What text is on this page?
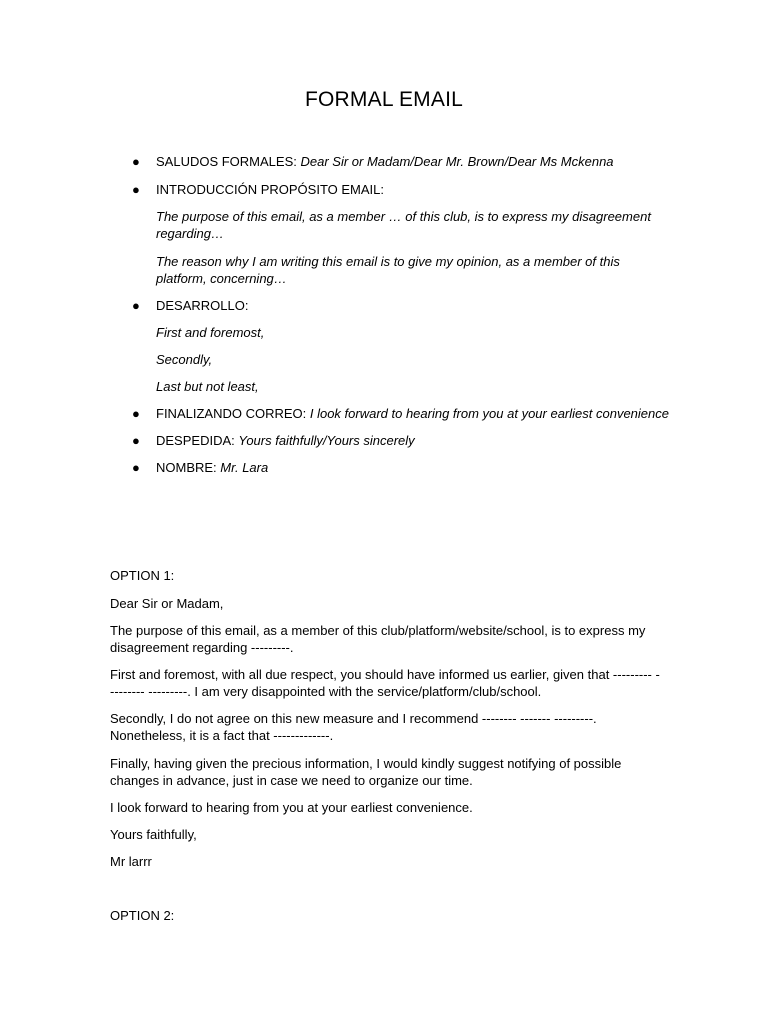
FORMAL EMAIL
● SALUDOS FORMALES: Dear Sir or Madam/Dear Mr. Brown/Dear Ms Mckenna
● INTRODUCCIÓN PROPÓSITO EMAIL:
The purpose of this email, as a member … of this club, is to express my disagreement regarding…
The reason why I am writing this email is to give my opinion, as a member of this platform, concerning…
● DESARROLLO:
First and foremost,
Secondly,
Last but not least,
● FINALIZANDO CORREO: I look forward to hearing from you at your earliest convenience
● DESPEDIDA: Yours faithfully/Yours sincerely
● NOMBRE: Mr. Lara
OPTION 1:
Dear Sir or Madam,
The purpose of this email, as a member of this club/platform/website/school, is to express my disagreement regarding ---------.
First and foremost, with all due respect, you should have informed us earlier, given that --------- --------- ---------. I am very disappointed with the service/platform/club/school.
Secondly, I do not agree on this new measure and I recommend -------- ------- ---------. Nonetheless, it is a fact that -------------.
Finally, having given the precious information, I would kindly suggest notifying of possible changes in advance, just in case we need to organize our time.
I look forward to hearing from you at your earliest convenience.
Yours faithfully,
Mr larrr
OPTION 2:
